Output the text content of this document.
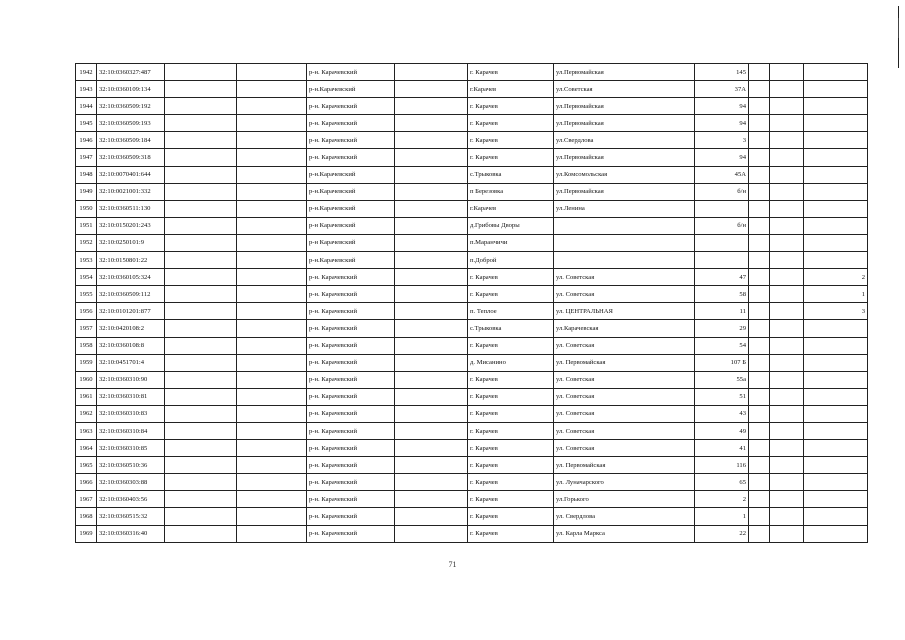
1942	32:10:0360327:487			р-н. Карачевский		г. Карачев	ул.Первомайская	145			
1943	32:10:0360109:134			р-н.Карачевский		г.Карачев	ул.Советская	37А			
1944	32:10:0360509:192			р-н. Карачевский		г. Карачев	ул.Первомайская	94			
1945	32:10:0360509:193			р-н. Карачевский		г. Карачев	ул.Первомайская	94			
1946	32:10:0360509:184			р-н. Карачевский		г. Карачев	ул.Свердлова	3			
1947	32:10:0360509:318			р-н. Карачевский		г. Карачев	ул.Первомайская	94			
1948	32:10:0070401:644			р-н.Карачевский		с.Трыковка	ул.Комсомольская	45А			
1949	32:10:0021001:332			р-н.Карачевский		п Березовка	ул.Первомайская	б/н			
1950	32:10:0360511:130			р-н.Карачевский		г.Карачев	ул.Ленина				
1951	32:10:0150201:243			р-н Карачевский		д.Грибовы Дворы		б/н			
1952	32:10:0250101:9			р-н Карачевский		п.Маранчичи					
1953	32:10:0150801:22			р-н.Карачевский		п.Доброй					
1954	32:10:0360105:324			р-н. Карачевский		г. Карачев	ул. Советская	47			2
1955	32:10:0360509:112			р-н. Карачевский		г. Карачев	ул. Советская	58			1
1956	32:10:0101201:877			р-н. Карачевский		п. Теплое	ул. ЦЕНТРАЛЬНАЯ	11			3
1957	32:10:0420108:2			р-н. Карачевский		с.Трыковка	ул.Карачевская	29			
1958	32:10:0360108:8			р-н. Карачевский		г. Карачев	ул. Советская	54			
1959	32:10:0451701:4			р-н. Карачевский		д. Мисанино	ул. Первомайская	107 Б			
1960	32:10:0360310:90			р-н. Карачевский		г. Карачев	ул. Советская	55а			
1961	32:10:0360310:81			р-н. Карачевский		г. Карачев	ул. Советская	51			
1962	32:10:0360310:83			р-н. Карачевский		г. Карачев	ул. Советская	43			
1963	32:10:0360310:84			р-н. Карачевский		г. Карачев	ул. Советская	49			
1964	32:10:0360310:85			р-н. Карачевский		г. Карачев	ул. Советская	41			
1965	32:10:0360510:36			р-н. Карачевский		г. Карачев	ул. Первомайская	116			
1966	32:10:0360303:88			р-н. Карачевский		г. Карачев	ул. Луначарского	65			
1967	32:10:0360403:56			р-н. Карачевский		г. Карачев	ул.Горького	2			
1968	32:10:0360515:32			р-н. Карачевский		г. Карачев	ул. Свердлова	1			
1969	32:10:0360316:40			р-н. Карачевский		г. Карачев	ул. Карла Маркса	22			
71
